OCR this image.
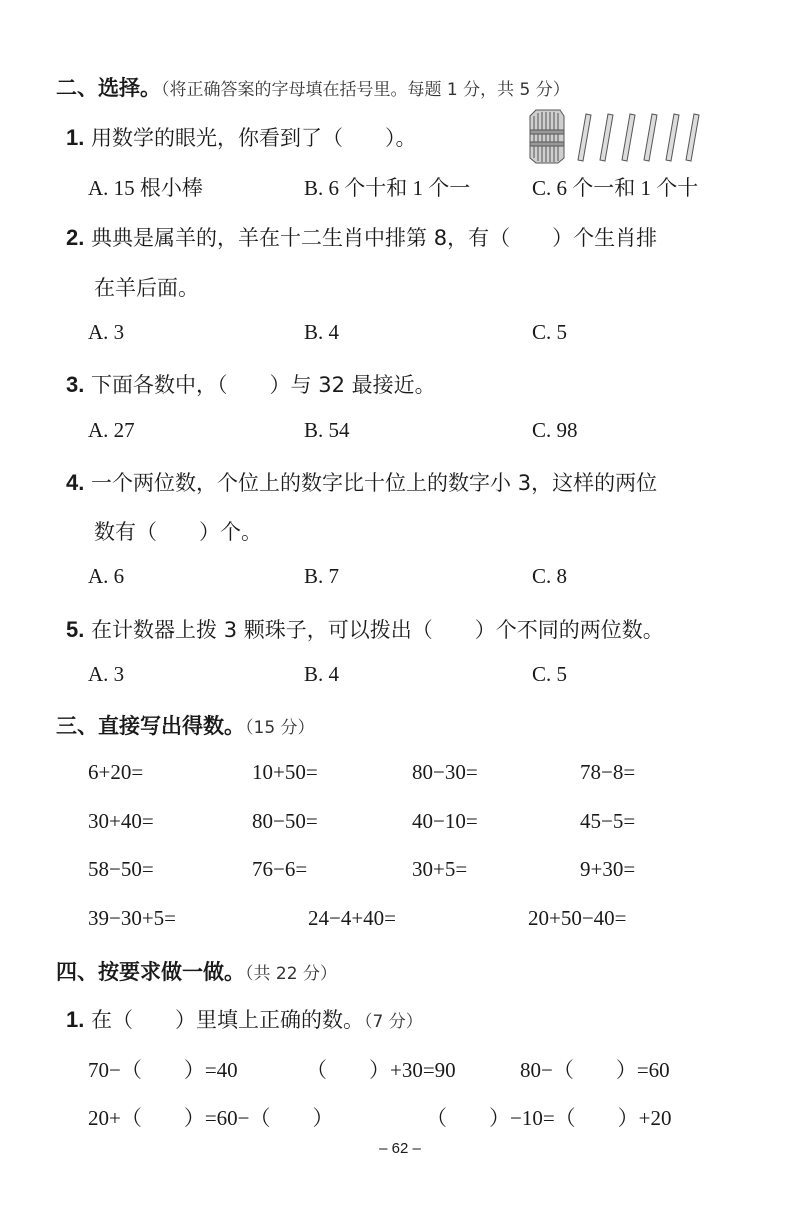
二、选择。（将正确答案的字母填在括号里。每题 1 分，共 5 分）
1. 用数学的眼光，你看到了（　　）。
A. 15 根小棒	B. 6 个十和 1 个一	C. 6 个一和 1 个十
2. 典典是属羊的，羊在十二生肖中排第 8，有（　　）个生肖排
在羊后面。
A. 3	B. 4	C. 5
3. 下面各数中，（　　）与 32 最接近。
A. 27	B. 54	C. 98
4. 一个两位数，个位上的数字比十位上的数字小 3，这样的两位
数有（　　）个。
A. 6	B. 7	C. 8
5. 在计数器上拨 3 颗珠子，可以拨出（　　）个不同的两位数。
A. 3	B. 4	C. 5
三、直接写出得数。（15 分）
6+20=	10+50=	80−30=	78−8=
30+40=	80−50=	40−10=	45−5=
58−50=	76−6=	30+5=	9+30=
39−30+5=	24−4+40=	20+50−40=
四、按要求做一做。（共 22 分）
1. 在（　　）里填上正确的数。（7 分）
70−（　　）=40	（　　）+30=90	80−（　　）=60
20+（　　）=60−（　　）	（　　）−10=（　　）+20
– 62 –
